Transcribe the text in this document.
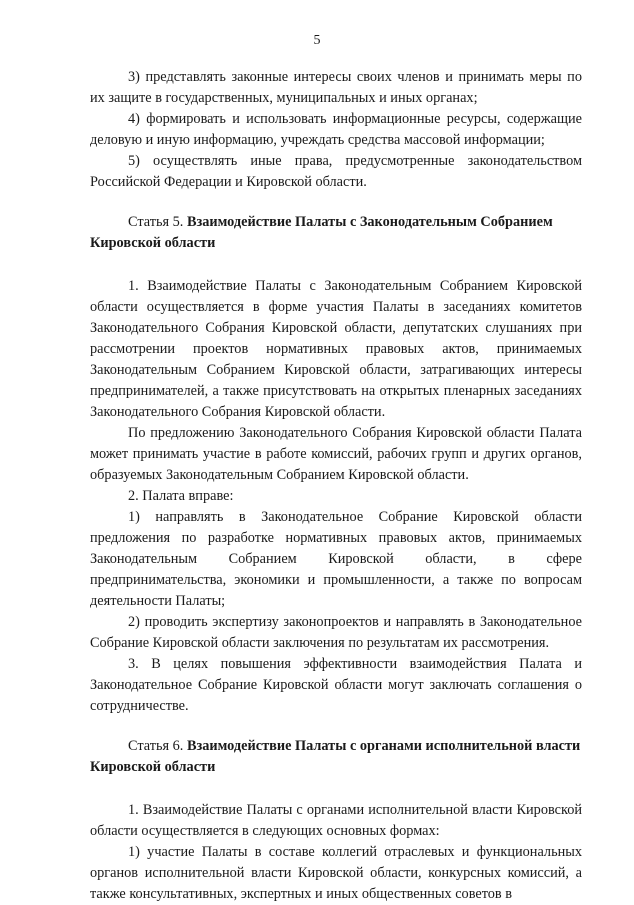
5

3) представлять законные интересы своих членов и принимать меры по их защите в государственных, муниципальных и иных органах;

4) формировать и использовать информационные ресурсы, содержащие деловую и иную информацию, учреждать средства массовой информации;

5) осуществлять иные права, предусмотренные законодательством Российской Федерации и Кировской области.

Статья 5. Взаимодействие Палаты с Законодательным Собранием Кировской области

1. Взаимодействие Палаты с Законодательным Собранием Кировской области осуществляется в форме участия Палаты в заседаниях комитетов Законодательного Собрания Кировской области, депутатских слушаниях при рассмотрении проектов нормативных правовых актов, принимаемых Законодательным Собранием Кировской области, затрагивающих интересы предпринимателей, а также присутствовать на открытых пленарных заседаниях Законодательного Собрания Кировской области.

По предложению Законодательного Собрания Кировской области Палата может принимать участие в работе комиссий, рабочих групп и других органов, образуемых Законодательным Собранием Кировской области.

2. Палата вправе:

1) направлять в Законодательное Собрание Кировской области предложения по разработке нормативных правовых актов, принимаемых Законодательным Собранием Кировской области, в сфере предпринимательства, экономики и промышленности, а также по вопросам деятельности Палаты;

2) проводить экспертизу законопроектов и направлять в Законодательное Собрание Кировской области заключения по результатам их рассмотрения.

3. В целях повышения эффективности взаимодействия Палата и Законодательное Собрание Кировской области могут заключать соглашения о сотрудничестве.

Статья 6. Взаимодействие Палаты с органами исполнительной власти Кировской области

1. Взаимодействие Палаты с органами исполнительной власти Кировской области осуществляется в следующих основных формах:

1) участие Палаты в составе коллегий отраслевых и функциональных органов исполнительной власти Кировской области, конкурсных комиссий, а также консультативных, экспертных и иных общественных советов в
